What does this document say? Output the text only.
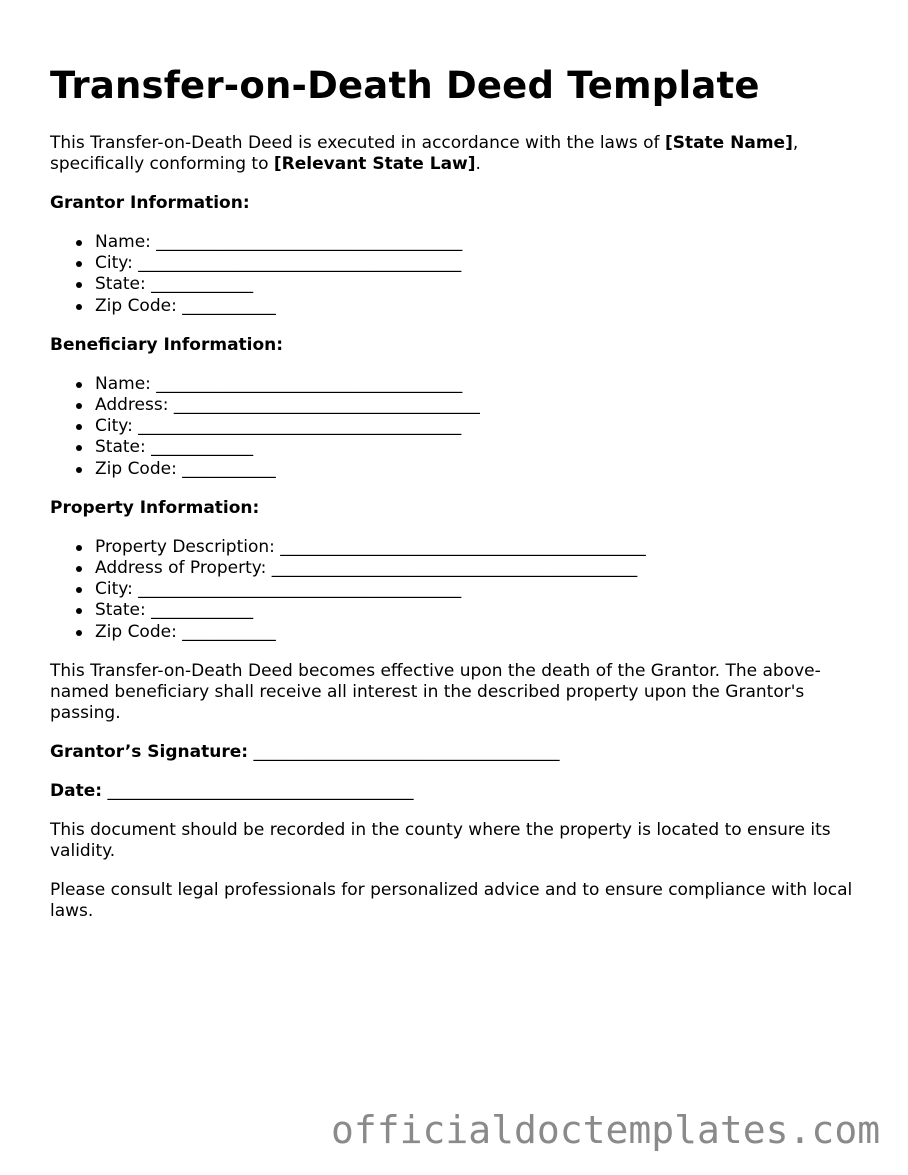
Transfer-on-Death Deed Template

This Transfer-on-Death Deed is executed in accordance with the laws of [State Name], specifically conforming to [Relevant State Law].

Grantor Information:

Name: ____________________________________
City: ______________________________________
State: ____________
Zip Code: ___________

Beneficiary Information:

Name: ____________________________________
Address: ____________________________________
City: ______________________________________
State: ____________
Zip Code: ___________

Property Information:

Property Description: ___________________________________________
Address of Property: ___________________________________________
City: ______________________________________
State: ____________
Zip Code: ___________

This Transfer-on-Death Deed becomes effective upon the death of the Grantor. The above-named beneficiary shall receive all interest in the described property upon the Grantor's passing.

Grantor’s Signature: ____________________________________

Date: ____________________________________

This document should be recorded in the county where the property is located to ensure its validity.

Please consult legal professionals for personalized advice and to ensure compliance with local laws.

officialdoctemplates.com
